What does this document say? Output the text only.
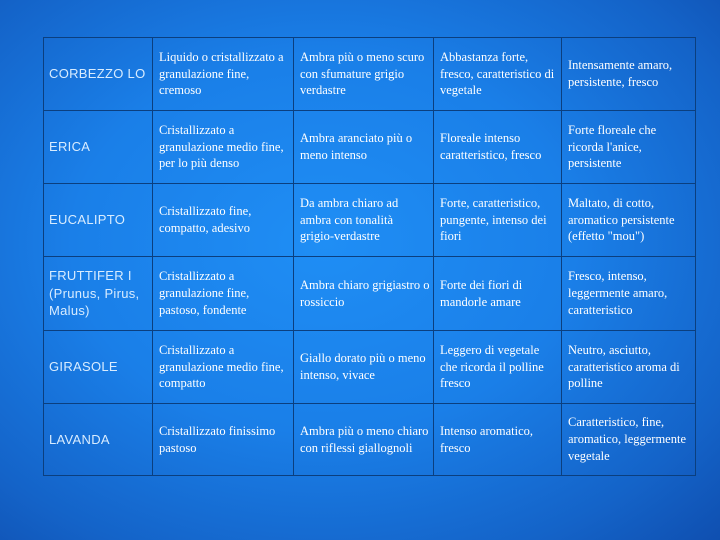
CORBEZZO LO	Liquido o cristallizzato a granulazione fine, cremoso	Ambra più o meno scuro con sfumature grigio verdastre	Abbastanza forte, fresco, caratteristico di vegetale	Intensamente amaro, persistente, fresco
ERICA	Cristallizzato a granulazione medio fine, per lo più denso	Ambra aranciato più o meno intenso	Floreale intenso caratteristico, fresco	Forte floreale che ricorda l'anice, persistente
EUCALIPTO	Cristallizzato fine, compatto, adesivo	Da ambra chiaro ad ambra con tonalità grigio-verdastre	Forte, caratteristico, pungente, intenso dei fiori	Maltato, di cotto, aromatico persistente (effetto "mou")
FRUTTIFER I (Prunus, Pirus, Malus)	Cristallizzato a granulazione fine, pastoso, fondente	Ambra chiaro grigiastro o rossiccio	Forte dei fiori di mandorle amare	Fresco, intenso, leggermente amaro, caratteristico
GIRASOLE	Cristallizzato a granulazione medio fine, compatto	Giallo dorato più o meno intenso, vivace	Leggero di vegetale che ricorda il polline fresco	Neutro, asciutto, caratteristico aroma di polline
LAVANDA	Cristallizzato finissimo pastoso	Ambra più o meno chiaro con riflessi giallognoli	Intenso aromatico, fresco	Caratteristico, fine, aromatico, leggermente vegetale
